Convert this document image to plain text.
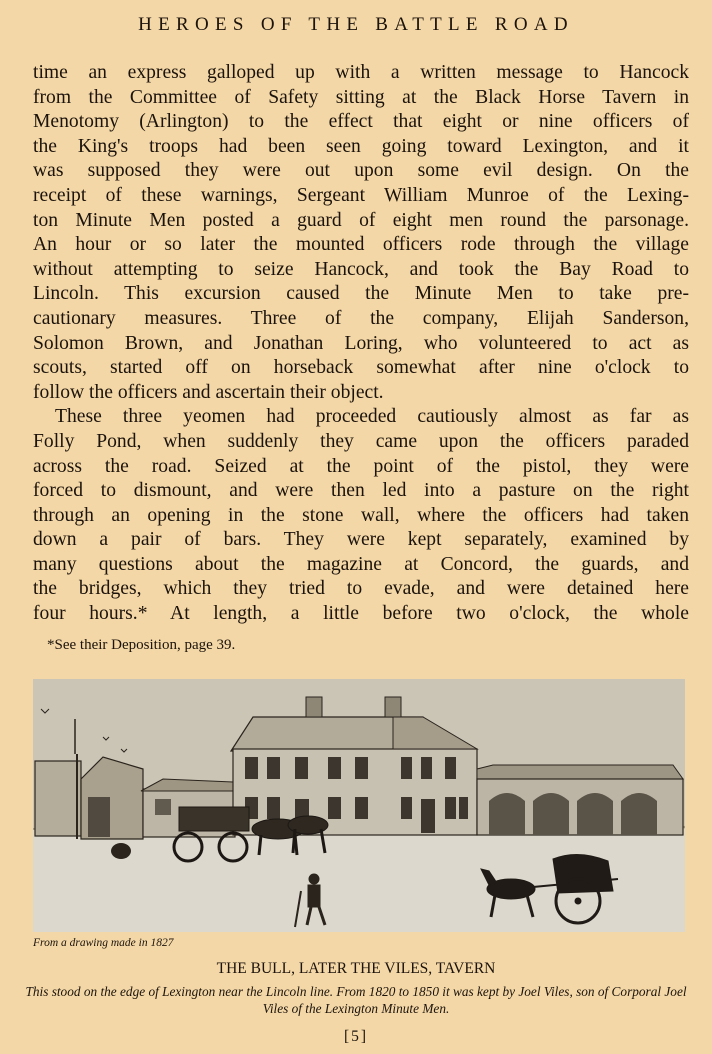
HEROES OF THE BATTLE ROAD
time an express galloped up with a written message to Hancock
from the Committee of Safety sitting at the Black Horse Tavern in
Menotomy (Arlington) to the effect that eight or nine officers of
the King's troops had been seen going toward Lexington, and it
was supposed they were out upon some evil design. On the
receipt of these warnings, Sergeant William Munroe of the Lexing-
ton Minute Men posted a guard of eight men round the parsonage.
An hour or so later the mounted officers rode through the village
without attempting to seize Hancock, and took the Bay Road to
Lincoln. This excursion caused the Minute Men to take pre-
cautionary measures. Three of the company, Elijah Sanderson,
Solomon Brown, and Jonathan Loring, who volunteered to act as
scouts, started off on horseback somewhat after nine o'clock to
follow the officers and ascertain their object.
These three yeomen had proceeded cautiously almost as far as
Folly Pond, when suddenly they came upon the officers paraded
across the road. Seized at the point of the pistol, they were
forced to dismount, and were then led into a pasture on the right
through an opening in the stone wall, where the officers had taken
down a pair of bars. They were kept separately, examined by
many questions about the magazine at Concord, the guards, and
the bridges, which they tried to evade, and were detained here
four hours.* At length, a little before two o'clock, the whole
*See their Deposition, page 39.
From a drawing made in 1827
THE BULL, LATER THE VILES, TAVERN
This stood on the edge of Lexington near the Lincoln line. From 1820 to 1850 it was kept by Joel Viles, son of Corporal Joel Viles of the Lexington Minute Men.
[5]
